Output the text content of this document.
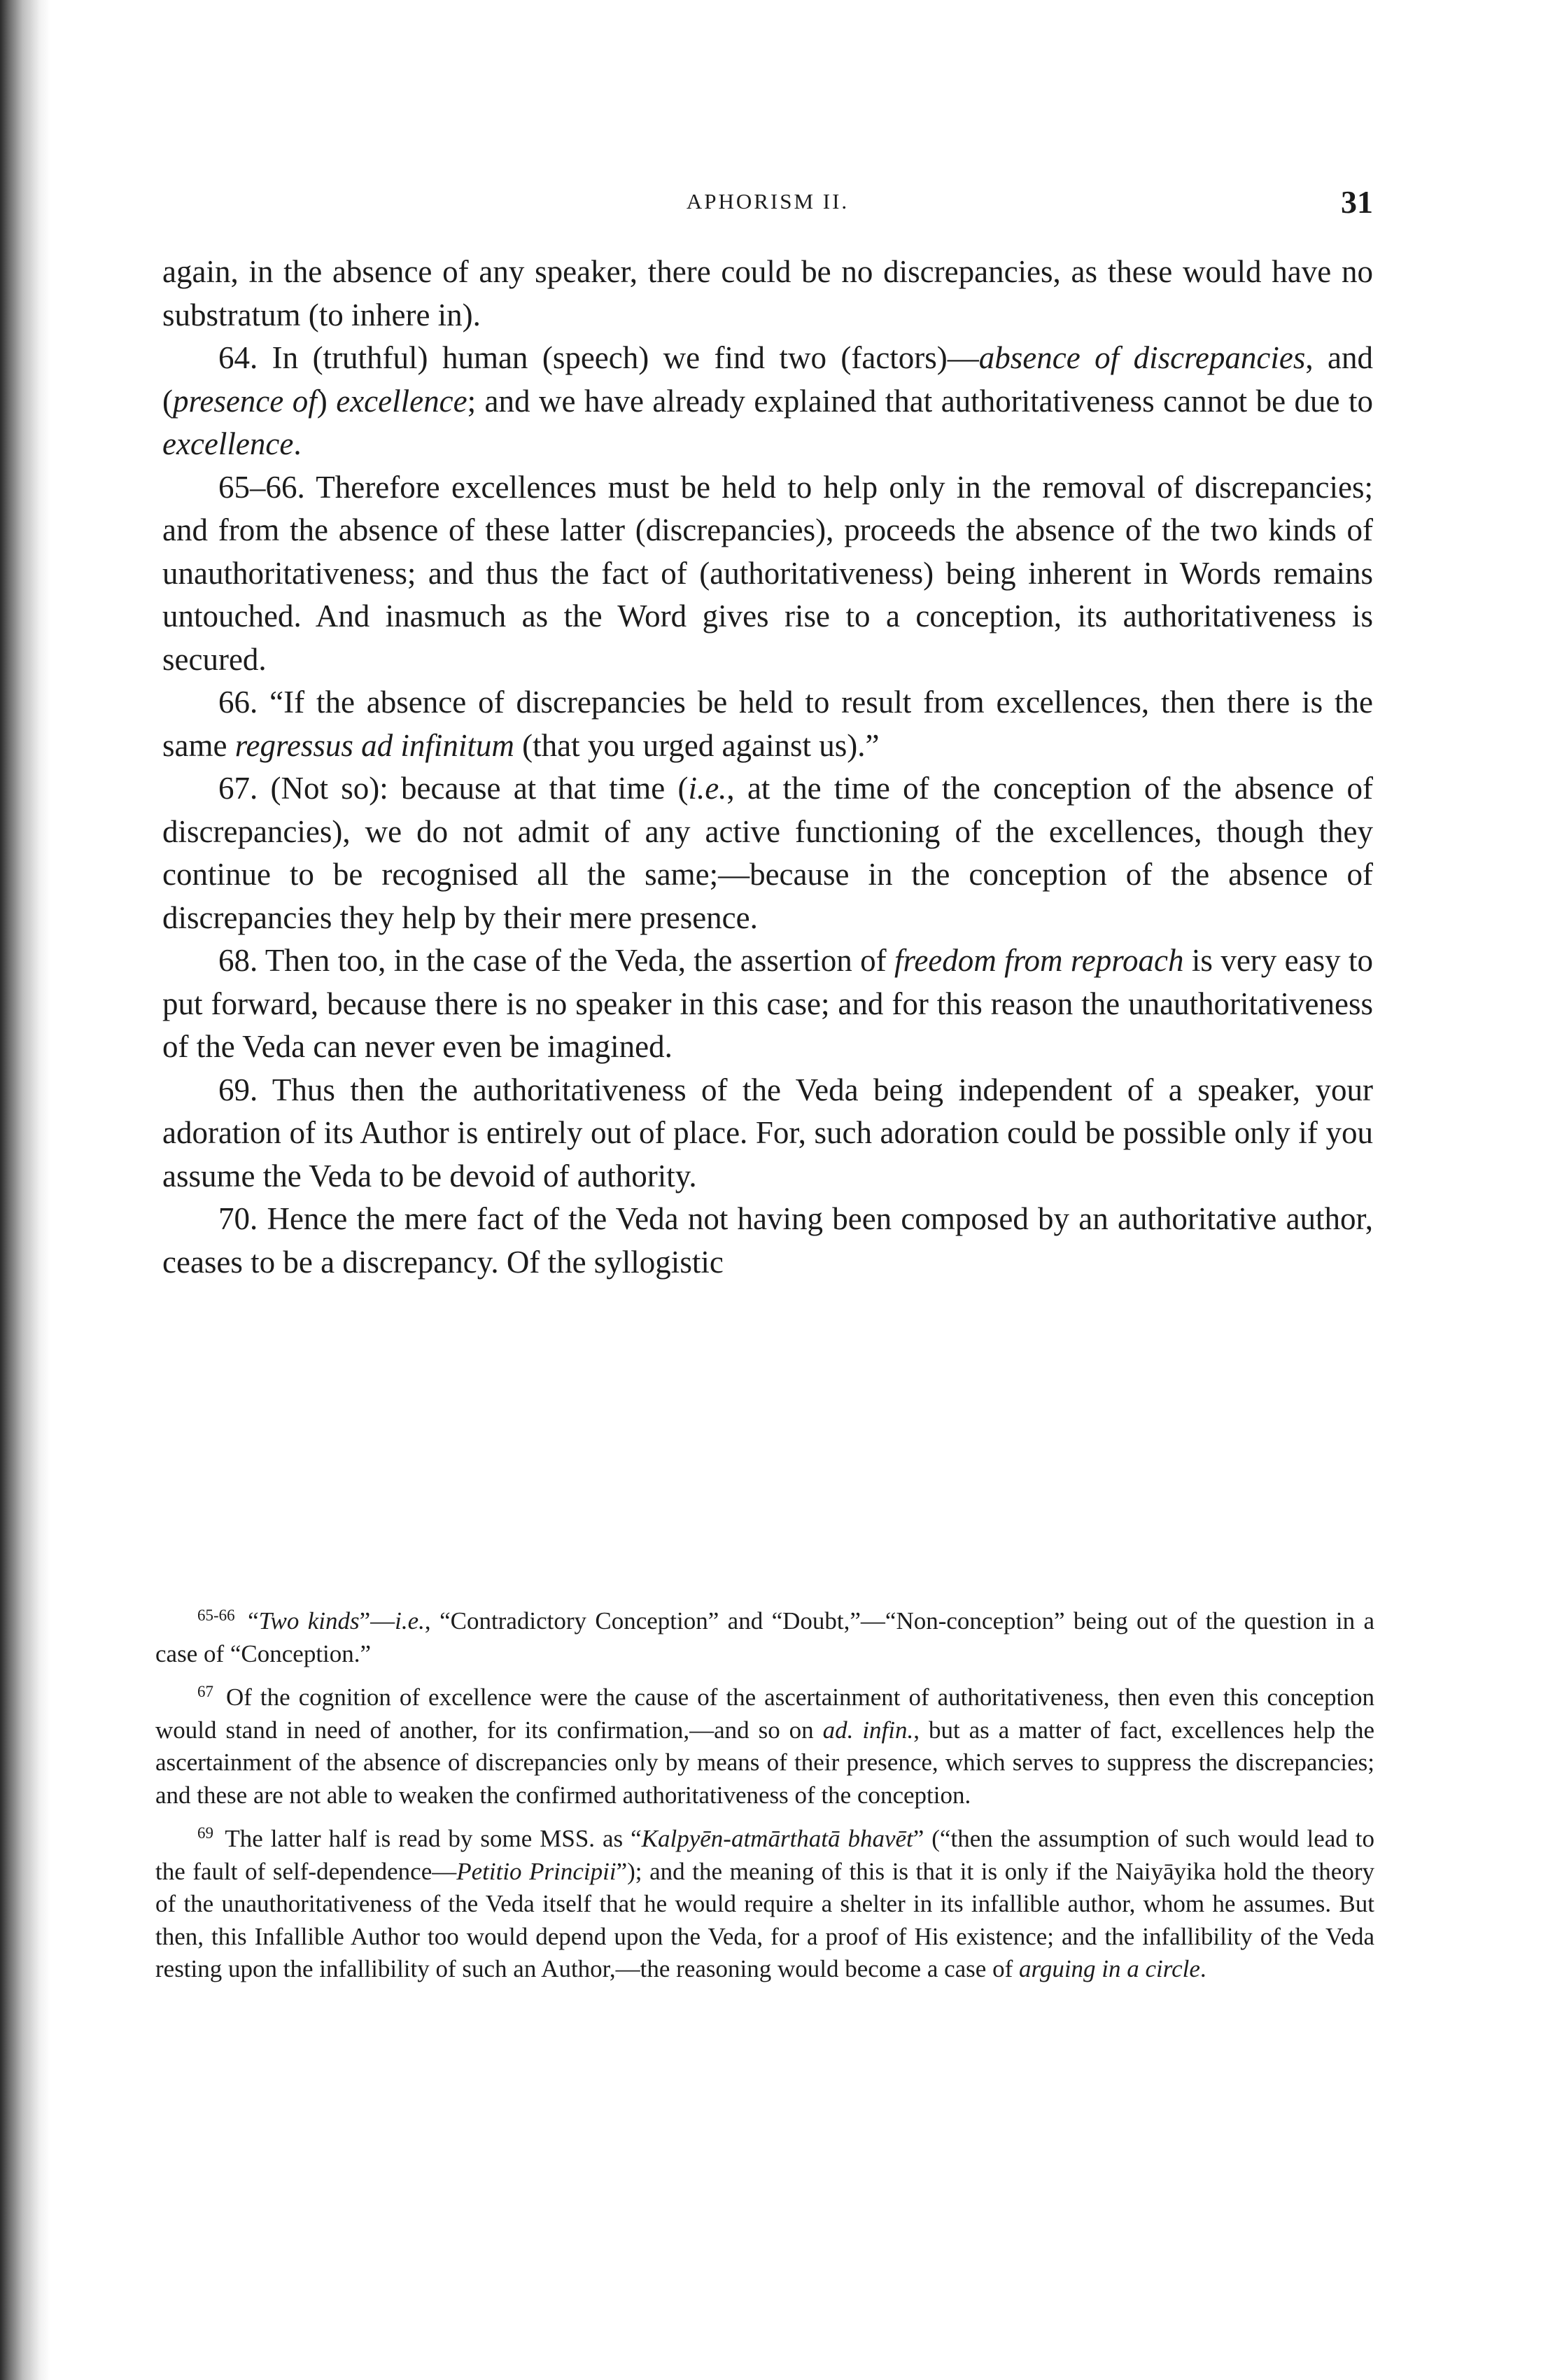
APHORISM II.	31

again, in the absence of any speaker, there could be no discrepancies, as these would have no substratum (to inhere in).

64. In (truthful) human (speech) we find two (factors)—absence of discrepancies, and (presence of) excellence; and we have already explained that authoritativeness cannot be due to excellence.

65–66. Therefore excellences must be held to help only in the removal of discrepancies; and from the absence of these latter (discrepancies), proceeds the absence of the two kinds of unauthoritativeness; and thus the fact of (authoritativeness) being inherent in Words remains untouched. And inasmuch as the Word gives rise to a conception, its authoritativeness is secured.

66. “If the absence of discrepancies be held to result from excellences, then there is the same regressus ad infinitum (that you urged against us).”

67. (Not so): because at that time (i.e., at the time of the conception of the absence of discrepancies), we do not admit of any active functioning of the excellences, though they continue to be recognised all the same;—because in the conception of the absence of discrepancies they help by their mere presence.

68. Then too, in the case of the Veda, the assertion of freedom from reproach is very easy to put forward, because there is no speaker in this case; and for this reason the unauthoritativeness of the Veda can never even be imagined.

69. Thus then the authoritativeness of the Veda being independent of a speaker, your adoration of its Author is entirely out of place. For, such adoration could be possible only if you assume the Veda to be devoid of authority.

70. Hence the mere fact of the Veda not having been composed by an authoritative author, ceases to be a discrepancy. Of the syllogistic

$^{65-66}$ “Two kinds”—i.e., “Contradictory Conception” and “Doubt,”—“Non-conception” being out of the question in a case of “Conception.”

$^{67}$ Of the cognition of excellence were the cause of the ascertainment of authoritativeness, then even this conception would stand in need of another, for its confirmation,—and so on ad. infin., but as a matter of fact, excellences help the ascertainment of the absence of discrepancies only by means of their presence, which serves to suppress the discrepancies; and these are not able to weaken the confirmed authoritativeness of the conception.

$^{69}$ The latter half is read by some MSS. as “Kalpyēn-atmārthatā bhavēt” (“then the assumption of such would lead to the fault of self-dependence—Petitio Principii”); and the meaning of this is that it is only if the Naiyāyika hold the theory of the unauthoritativeness of the Veda itself that he would require a shelter in its infallible author, whom he assumes. But then, this Infallible Author too would depend upon the Veda, for a proof of His existence; and the infallibility of the Veda resting upon the infallibility of such an Author,—the reasoning would become a case of arguing in a circle.
